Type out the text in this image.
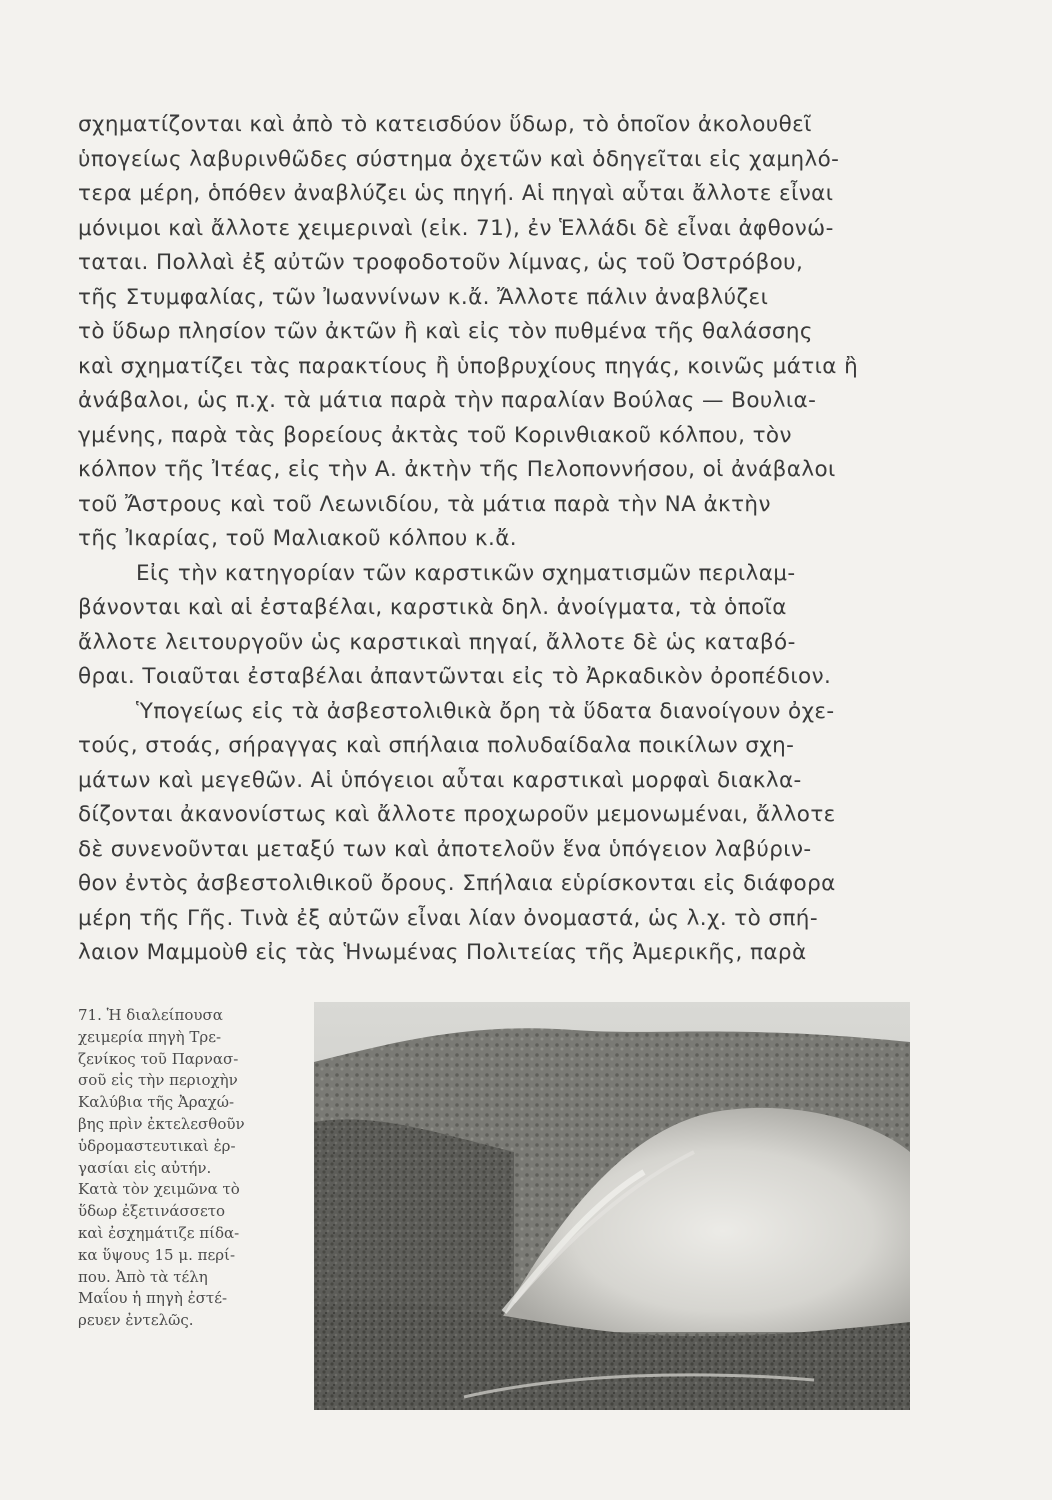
σχηματίζονται καὶ ἀπὸ τὸ κατεισδύον ὕδωρ, τὸ ὁποῖον ἀκολουθεῖ
ὑπογείως λαβυρινθῶδες σύστημα ὀχετῶν καὶ ὁδηγεῖται εἰς χαμηλό-
τερα μέρη, ὁπόθεν ἀναβλύζει ὡς πηγή. Αἱ πηγαὶ αὗται ἄλλοτε εἶναι
μόνιμοι καὶ ἄλλοτε χειμεριναὶ (εἰκ. 71), ἐν Ἑλλάδι δὲ εἶναι ἀφθονώ-
ταται. Πολλαὶ ἐξ αὐτῶν τροφοδοτοῦν λίμνας, ὡς τοῦ Ὀστρόβου,
τῆς Στυμφαλίας, τῶν Ἰωαννίνων κ.ἄ. Ἄλλοτε πάλιν ἀναβλύζει
τὸ ὕδωρ πλησίον τῶν ἀκτῶν ἢ καὶ εἰς τὸν πυθμένα τῆς θαλάσσης
καὶ σχηματίζει τὰς παρακτίους ἢ ὑποβρυχίους πηγάς, κοινῶς μάτια ἢ
ἀνάβαλοι, ὡς π.χ. τὰ μάτια παρὰ τὴν παραλίαν Βούλας — Βουλια-
γμένης, παρὰ τὰς βορείους ἀκτὰς τοῦ Κορινθιακοῦ κόλπου, τὸν
κόλπον τῆς Ἰτέας, εἰς τὴν Α. ἀκτὴν τῆς Πελοποννήσου, οἱ ἀνάβαλοι
τοῦ Ἄστρους καὶ τοῦ Λεωνιδίου, τὰ μάτια παρὰ τὴν ΝΑ ἀκτὴν
τῆς Ἰκαρίας, τοῦ Μαλιακοῦ κόλπου κ.ἄ.

Εἰς τὴν κατηγορίαν τῶν καρστικῶν σχηματισμῶν περιλαμ-
βάνονται καὶ αἱ ἐσταβέλαι, καρστικὰ δηλ. ἀνοίγματα, τὰ ὁποῖα
ἄλλοτε λειτουργοῦν ὡς καρστικαὶ πηγαί, ἄλλοτε δὲ ὡς καταβό-
θραι. Τοιαῦται ἐσταβέλαι ἀπαντῶνται εἰς τὸ Ἀρκαδικὸν ὀροπέδιον.

Ὑπογείως εἰς τὰ ἀσβεστολιθικὰ ὄρη τὰ ὕδατα διανοίγουν ὀχε-
τούς, στοάς, σήραγγας καὶ σπήλαια πολυδαίδαλα ποικίλων σχη-
μάτων καὶ μεγεθῶν. Αἱ ὑπόγειοι αὗται καρστικαὶ μορφαὶ διακλα-
δίζονται ἀκανονίστως καὶ ἄλλοτε προχωροῦν μεμονωμέναι, ἄλλοτε
δὲ συνενοῦνται μεταξύ των καὶ ἀποτελοῦν ἕνα ὑπόγειον λαβύριν-
θον ἐντὸς ἀσβεστολιθικοῦ ὄρους. Σπήλαια εὑρίσκονται εἰς διάφορα
μέρη τῆς Γῆς. Τινὰ ἐξ αὐτῶν εἶναι λίαν ὀνομαστά, ὡς λ.χ. τὸ σπή-
λαιον Μαμμοὺθ εἰς τὰς Ἡνωμένας Πολιτείας τῆς Ἀμερικῆς, παρὰ

71. Ἡ διαλείπουσα
χειμερία πηγὴ Τρε-
ζενίκος τοῦ Παρνασ-
σοῦ εἰς τὴν περιοχὴν
Καλύβια τῆς Ἀραχώ-
βης πρὶν ἐκτελεσθοῦν
ὑδρομαστευτικαὶ ἐρ-
γασίαι εἰς αὐτήν.
Κατὰ τὸν χειμῶνα τὸ
ὕδωρ ἐξετινάσσετο
καὶ ἐσχημάτιζε πίδα-
κα ὕψους 15 μ. περί-
που. Ἀπὸ τὰ τέλη
Μαΐου ἡ πηγὴ ἐστέ-
ρευεν ἐντελῶς.
